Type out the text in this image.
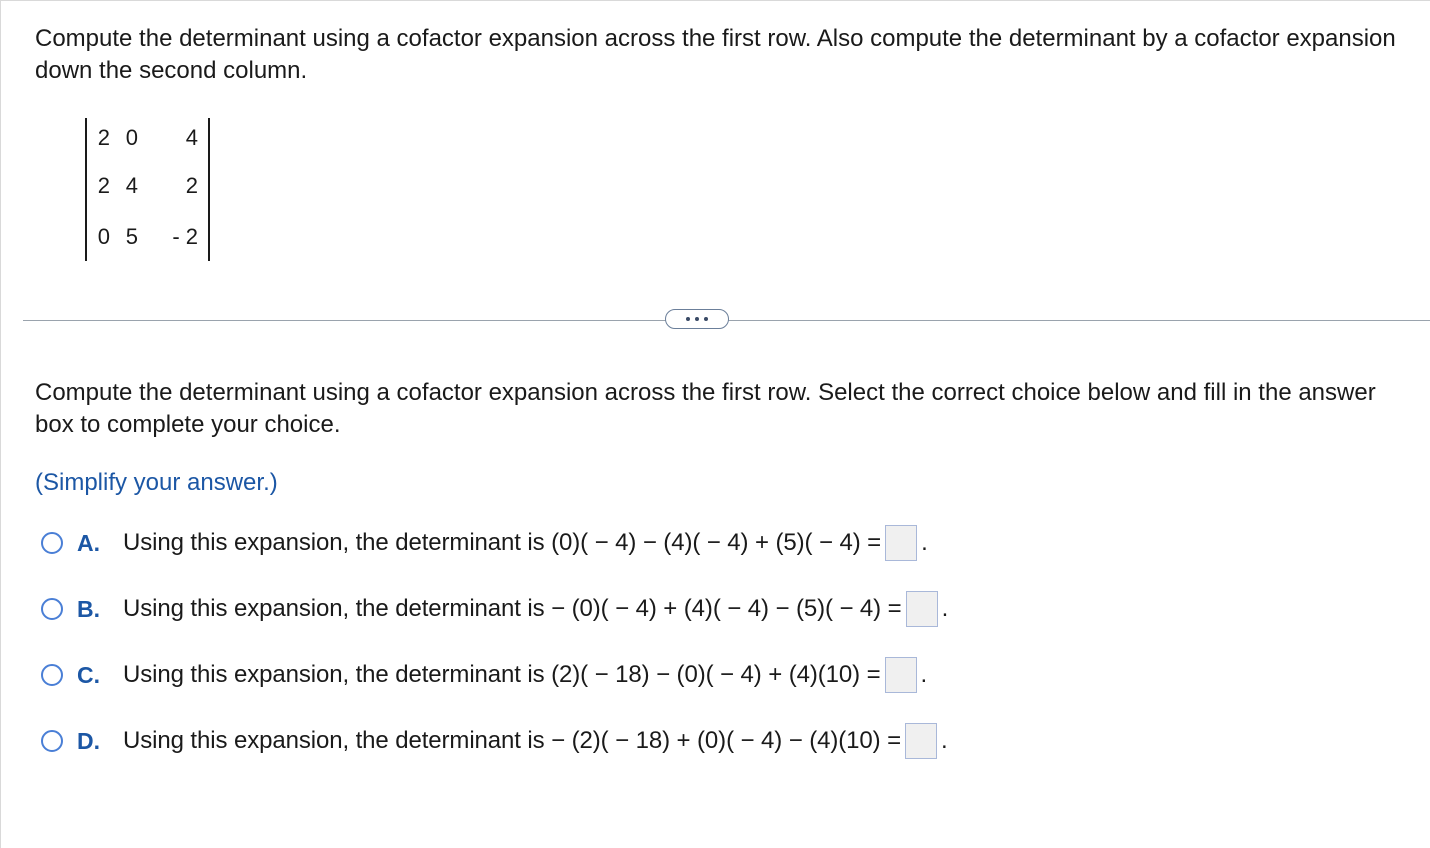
Compute the determinant using a cofactor expansion across the first row. Also compute the determinant by a cofactor expansion down the second column.
2 0	4
2 4	2
0 5	- 2
Compute the determinant using a cofactor expansion across the first row. Select the correct choice below and fill in the answer box to complete your choice.
(Simplify your answer.)
A. Using this expansion, the determinant is (0)( − 4) − (4)( − 4) + (5)( − 4) = .
B. Using this expansion, the determinant is − (0)( − 4) + (4)( − 4) − (5)( − 4) = .
C. Using this expansion, the determinant is (2)( − 18) − (0)( − 4) + (4)(10) = .
D. Using this expansion, the determinant is − (2)( − 18) + (0)( − 4) − (4)(10) = .
